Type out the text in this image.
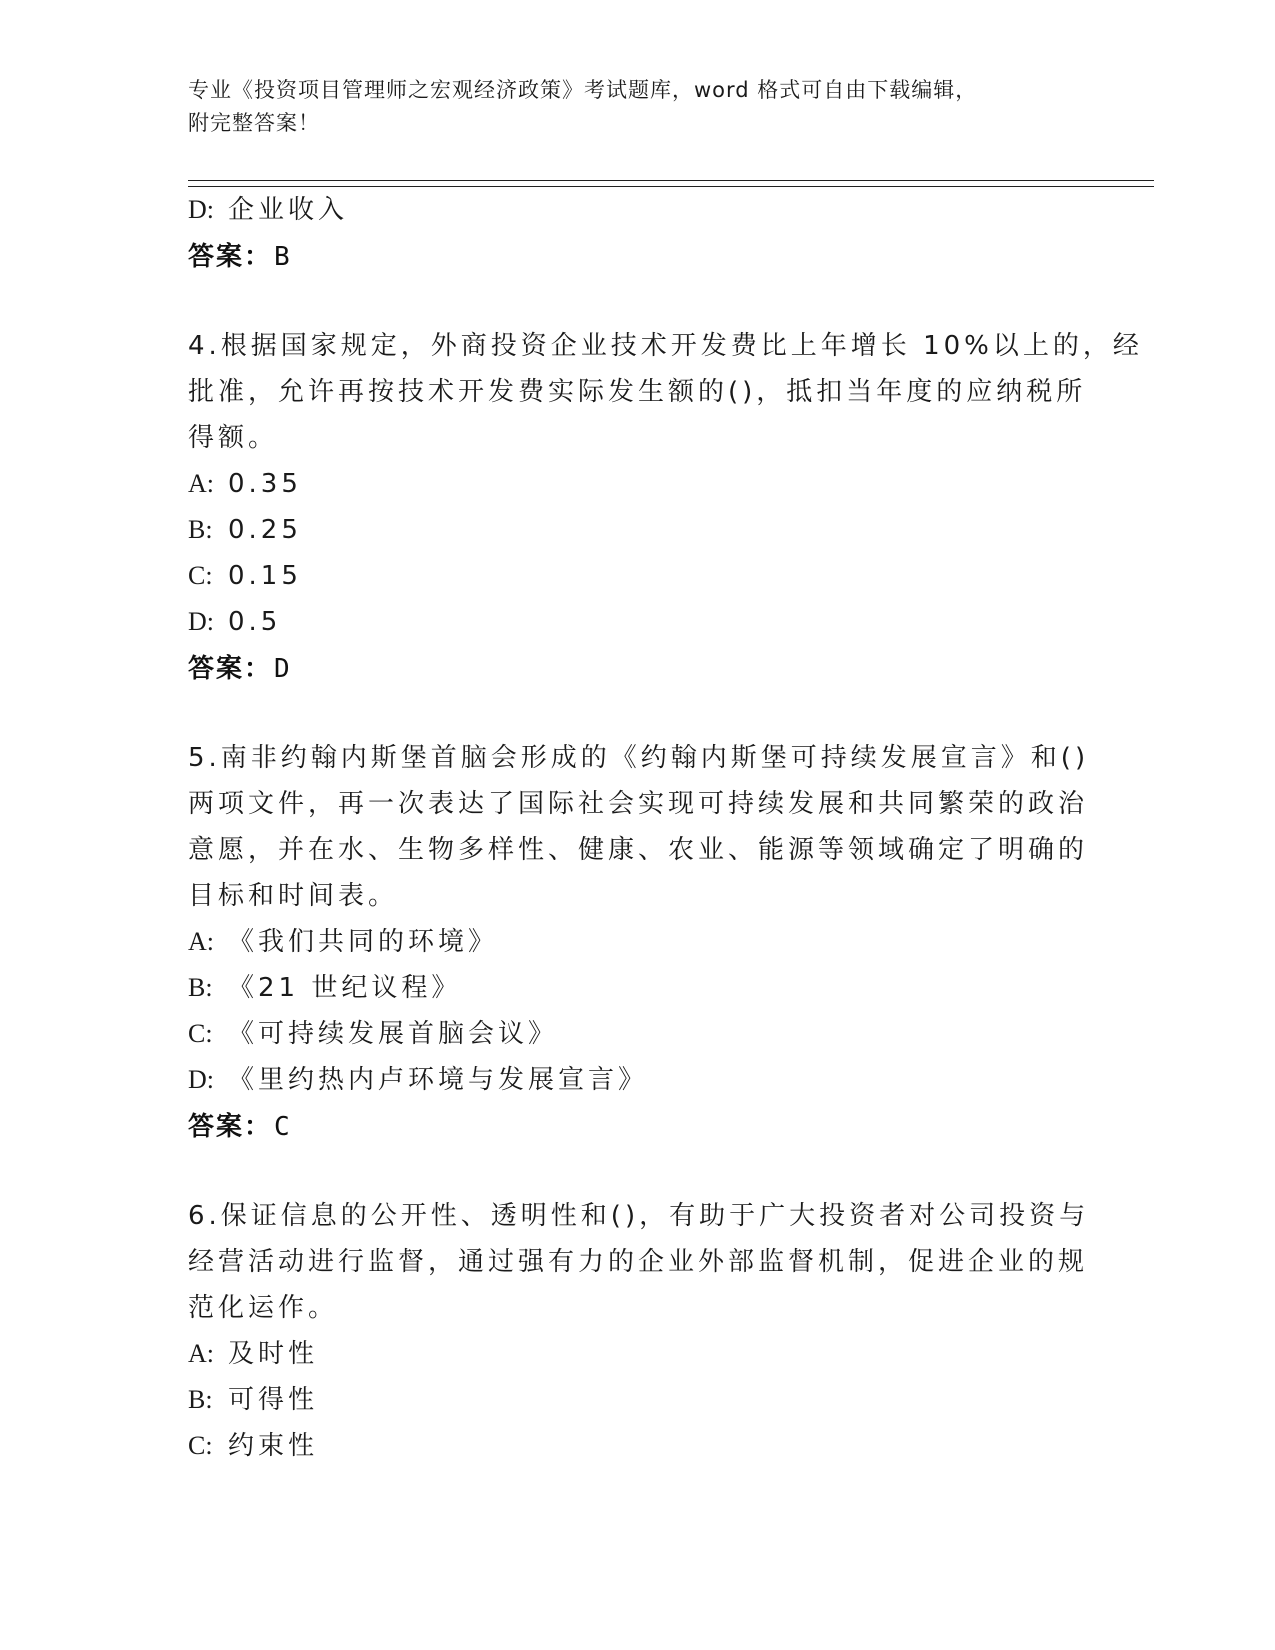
专业《投资项目管理师之宏观经济政策》考试题库，word 格式可自由下载编辑，
附完整答案！
D: 企业收入
答案：B
4.根据国家规定，外商投资企业技术开发费比上年增长 10%以上的，经
批准，允许再按技术开发费实际发生额的()，抵扣当年度的应纳税所
得额。
A: 0.35
B: 0.25
C: 0.15
D: 0.5
答案：D
5.南非约翰内斯堡首脑会形成的《约翰内斯堡可持续发展宣言》和()
两项文件，再一次表达了国际社会实现可持续发展和共同繁荣的政治
意愿，并在水、生物多样性、健康、农业、能源等领域确定了明确的
目标和时间表。
A: 《我们共同的环境》
B: 《21 世纪议程》
C: 《可持续发展首脑会议》
D: 《里约热内卢环境与发展宣言》
答案：C
6.保证信息的公开性、透明性和()，有助于广大投资者对公司投资与
经营活动进行监督，通过强有力的企业外部监督机制，促进企业的规
范化运作。
A: 及时性
B: 可得性
C: 约束性
